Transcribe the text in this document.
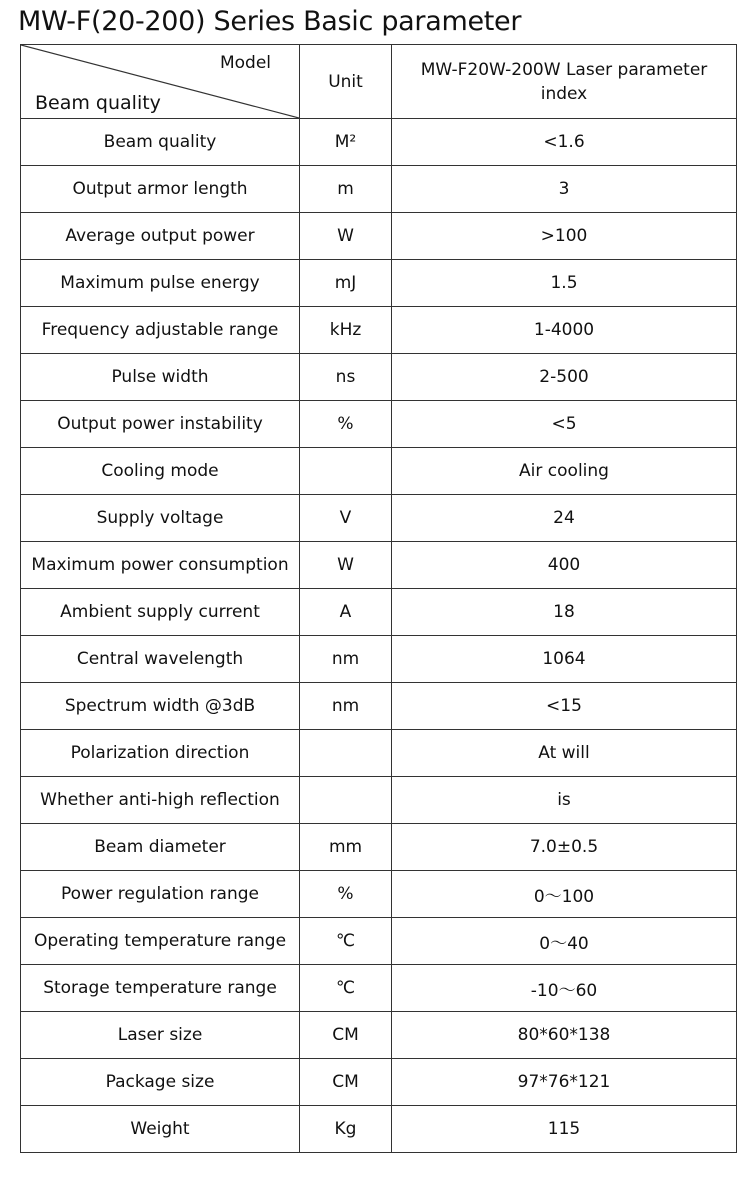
MW-F(20-200) Series Basic parameter
Model
Beam quality	Unit	MW-F20W-200W Laser parameter index

Beam quality	M²	<1.6
Output armor length	m	3
Average output power	W	>100
Maximum pulse energy	mJ	1.5
Frequency adjustable range	kHz	1-4000
Pulse width	ns	2-500
Output power instability	%	<5
Cooling mode		Air cooling
Supply voltage	V	24
Maximum power consumption	W	400
Ambient supply current	A	18
Central wavelength	nm	1064
Spectrum width @3dB	nm	<15
Polarization direction		At will
Whether anti-high reflection		is
Beam diameter	mm	7.0±0.5
Power regulation range	%	0～100
Operating temperature range	℃	0～40
Storage temperature range	℃	-10～60
Laser size	CM	80*60*138
Package size	CM	97*76*121
Weight	Kg	115
